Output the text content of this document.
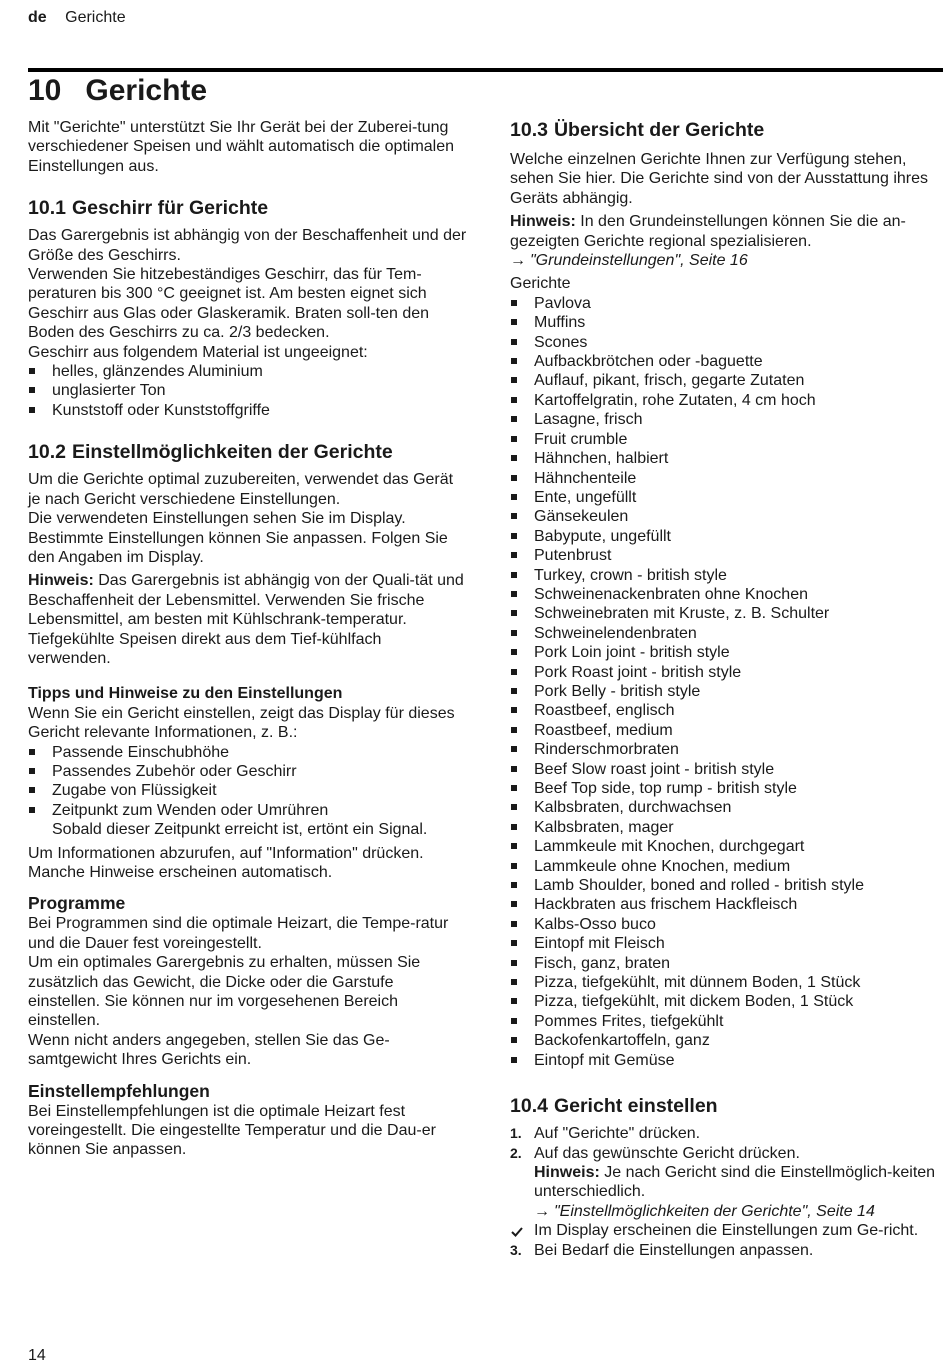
de Gerichte
10 Gerichte

Mit "Gerichte" unterstützt Sie Ihr Gerät bei der Zuberei-tung verschiedener Speisen und wählt automatisch die optimalen Einstellungen aus.

10.1 Geschirr für Gerichte

Das Garergebnis ist abhängig von der Beschaffenheit und der Größe des Geschirrs.

Verwenden Sie hitzebeständiges Geschirr, das für Tem-peraturen bis 300 °C geeignet ist. Am besten eignet sich Geschirr aus Glas oder Glaskeramik. Braten soll-ten den Boden des Geschirrs zu ca. 2/3 bedecken.

Geschirr aus folgendem Material ist ungeeignet:

helles, glänzendes Aluminium
unglasierter Ton
Kunststoff oder Kunststoffgriffe
10.2 Einstellmöglichkeiten der Gerichte

Um die Gerichte optimal zuzubereiten, verwendet das Gerät je nach Gericht verschiedene Einstellungen.

Die verwendeten Einstellungen sehen Sie im Display. Bestimmte Einstellungen können Sie anpassen. Folgen Sie den Angaben im Display.

Hinweis: Das Garergebnis ist abhängig von der Quali-tät und Beschaffenheit der Lebensmittel. Verwenden Sie frische Lebensmittel, am besten mit Kühlschrank-temperatur. Tiefgekühlte Speisen direkt aus dem Tief-kühlfach verwenden.

Tipps und Hinweise zu den Einstellungen

Wenn Sie ein Gericht einstellen, zeigt das Display für dieses Gericht relevante Informationen, z. B.:

Passende Einschubhöhe
Passendes Zubehör oder Geschirr
Zugabe von Flüssigkeit
Zeitpunkt zum Wenden oder Umrühren
Sobald dieser Zeitpunkt erreicht ist, ertönt ein Signal.

Um Informationen abzurufen, auf "Information" drücken. Manche Hinweise erscheinen automatisch.

Programme

Bei Programmen sind die optimale Heizart, die Tempe-ratur und die Dauer fest voreingestellt.

Um ein optimales Garergebnis zu erhalten, müssen Sie zusätzlich das Gewicht, die Dicke oder die Garstufe einstellen. Sie können nur im vorgesehenen Bereich einstellen.

Wenn nicht anders angegeben, stellen Sie das Ge-samtgewicht Ihres Gerichts ein.

Einstellempfehlungen

Bei Einstellempfehlungen ist die optimale Heizart fest voreingestellt. Die eingestellte Temperatur und die Dau-er können Sie anpassen.

10.3 Übersicht der Gerichte

Welche einzelnen Gerichte Ihnen zur Verfügung stehen, sehen Sie hier. Die Gerichte sind von der Ausstattung ihres Geräts abhängig.

Hinweis: In den Grundeinstellungen können Sie die an-gezeigten Gerichte regional spezialisieren.

→ "Grundeinstellungen", Seite 16

Gerichte

Pavlova
Muffins
Scones
Aufbackbrötchen oder -baguette
Auflauf, pikant, frisch, gegarte Zutaten
Kartoffelgratin, rohe Zutaten, 4 cm hoch
Lasagne, frisch
Fruit crumble
Hähnchen, halbiert
Hähnchenteile
Ente, ungefüllt
Gänsekeulen
Babypute, ungefüllt
Putenbrust
Turkey, crown - british style
Schweinenackenbraten ohne Knochen
Schweinebraten mit Kruste, z. B. Schulter
Schweinelendenbraten
Pork Loin joint - british style
Pork Roast joint - british style
Pork Belly - british style
Roastbeef, englisch
Roastbeef, medium
Rinderschmorbraten
Beef Slow roast joint - british style
Beef Top side, top rump - british style
Kalbsbraten, durchwachsen
Kalbsbraten, mager
Lammkeule mit Knochen, durchgegart
Lammkeule ohne Knochen, medium
Lamb Shoulder, boned and rolled - british style
Hackbraten aus frischem Hackfleisch
Kalbs-Osso buco
Eintopf mit Fleisch
Fisch, ganz, braten
Pizza, tiefgekühlt, mit dünnem Boden, 1 Stück
Pizza, tiefgekühlt, mit dickem Boden, 1 Stück
Pommes Frites, tiefgekühlt
Backofenkartoffeln, ganz
Eintopf mit Gemüse
10.4 Gericht einstellen
1. Auf "Gerichte" drücken.
2. Auf das gewünschte Gericht drücken.

Hinweis: Je nach Gericht sind die Einstellmöglich-keiten unterschiedlich.

→ "Einstellmöglichkeiten der Gerichte", Seite 14

Im Display erscheinen die Einstellungen zum Ge-richt.
3. Bei Bedarf die Einstellungen anpassen.
14
